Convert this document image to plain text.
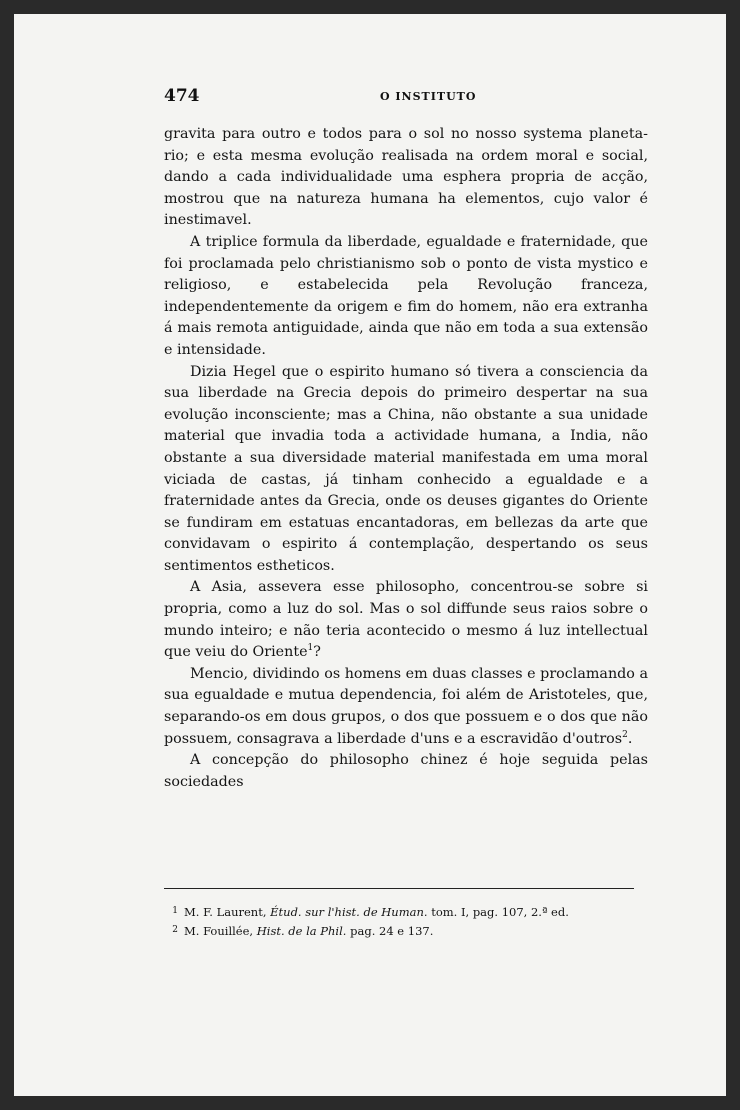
474	O INSTITUTO

gravita para outro e todos para o sol no nosso systema planeta-rio; e esta mesma evolução realisada na ordem moral e social, dando a cada individualidade uma esphera propria de acção, mostrou que na natureza humana ha elementos, cujo valor é inestimavel.

A triplice formula da liberdade, egualdade e fraternidade, que foi proclamada pelo christianismo sob o ponto de vista mystico e religioso, e estabelecida pela Revolução franceza, independentemente da origem e fim do homem, não era extranha á mais remota antiguidade, ainda que não em toda a sua extensão e intensidade.

Dizia Hegel que o espirito humano só tivera a consciencia da sua liberdade na Grecia depois do primeiro despertar na sua evolução inconsciente; mas a China, não obstante a sua unidade material que invadia toda a actividade humana, a India, não obstante a sua diversidade material manifestada em uma moral viciada de castas, já tinham conhecido a egualdade e a fraternidade antes da Grecia, onde os deuses gigantes do Oriente se fundiram em estatuas encantadoras, em bellezas da arte que convidavam o espirito á contemplação, despertando os seus sentimentos estheticos.

A Asia, assevera esse philosopho, concentrou-se sobre si propria, como a luz do sol. Mas o sol diffunde seus raios sobre o mundo inteiro; e não teria acontecido o mesmo á luz intellectual que veiu do Oriente$^1$?

Mencio, dividindo os homens em duas classes e proclamando a sua egualdade e mutua dependencia, foi além de Aristoteles, que, separando-os em dous grupos, o dos que possuem e o dos que não possuem, consagrava a liberdade d'uns e a escravidão d'outros$^2$.

A concepção do philosopho chinez é hoje seguida pelas sociedades

1 M. F. Laurent, Étud. sur l'hist. de Human. tom. I, pag. 107, 2.ª ed.
2 M. Fouillée, Hist. de la Phil. pag. 24 e 137.
